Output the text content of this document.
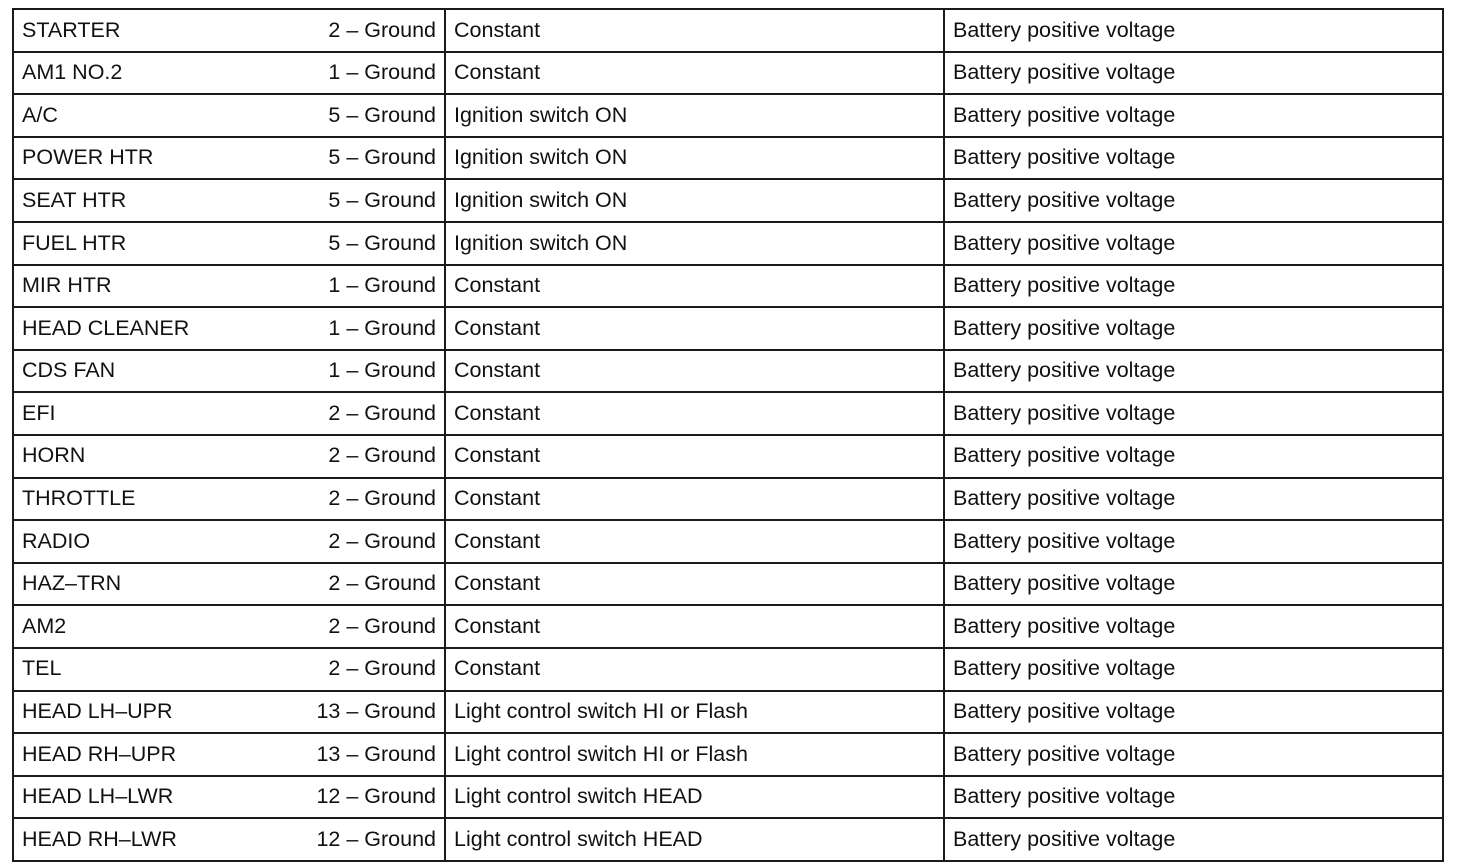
STARTER	2 – Ground	Constant	Battery positive voltage
AM1 NO.2	1 – Ground	Constant	Battery positive voltage
A/C	5 – Ground	Ignition switch ON	Battery positive voltage
POWER HTR	5 – Ground	Ignition switch ON	Battery positive voltage
SEAT HTR	5 – Ground	Ignition switch ON	Battery positive voltage
FUEL HTR	5 – Ground	Ignition switch ON	Battery positive voltage
MIR HTR	1 – Ground	Constant	Battery positive voltage
HEAD CLEANER	1 – Ground	Constant	Battery positive voltage
CDS FAN	1 – Ground	Constant	Battery positive voltage
EFI	2 – Ground	Constant	Battery positive voltage
HORN	2 – Ground	Constant	Battery positive voltage
THROTTLE	2 – Ground	Constant	Battery positive voltage
RADIO	2 – Ground	Constant	Battery positive voltage
HAZ–TRN	2 – Ground	Constant	Battery positive voltage
AM2	2 – Ground	Constant	Battery positive voltage
TEL	2 – Ground	Constant	Battery positive voltage
HEAD LH–UPR	13 – Ground	Light control switch HI or Flash	Battery positive voltage
HEAD RH–UPR	13 – Ground	Light control switch HI or Flash	Battery positive voltage
HEAD LH–LWR	12 – Ground	Light control switch HEAD	Battery positive voltage
HEAD RH–LWR	12 – Ground	Light control switch HEAD	Battery positive voltage
